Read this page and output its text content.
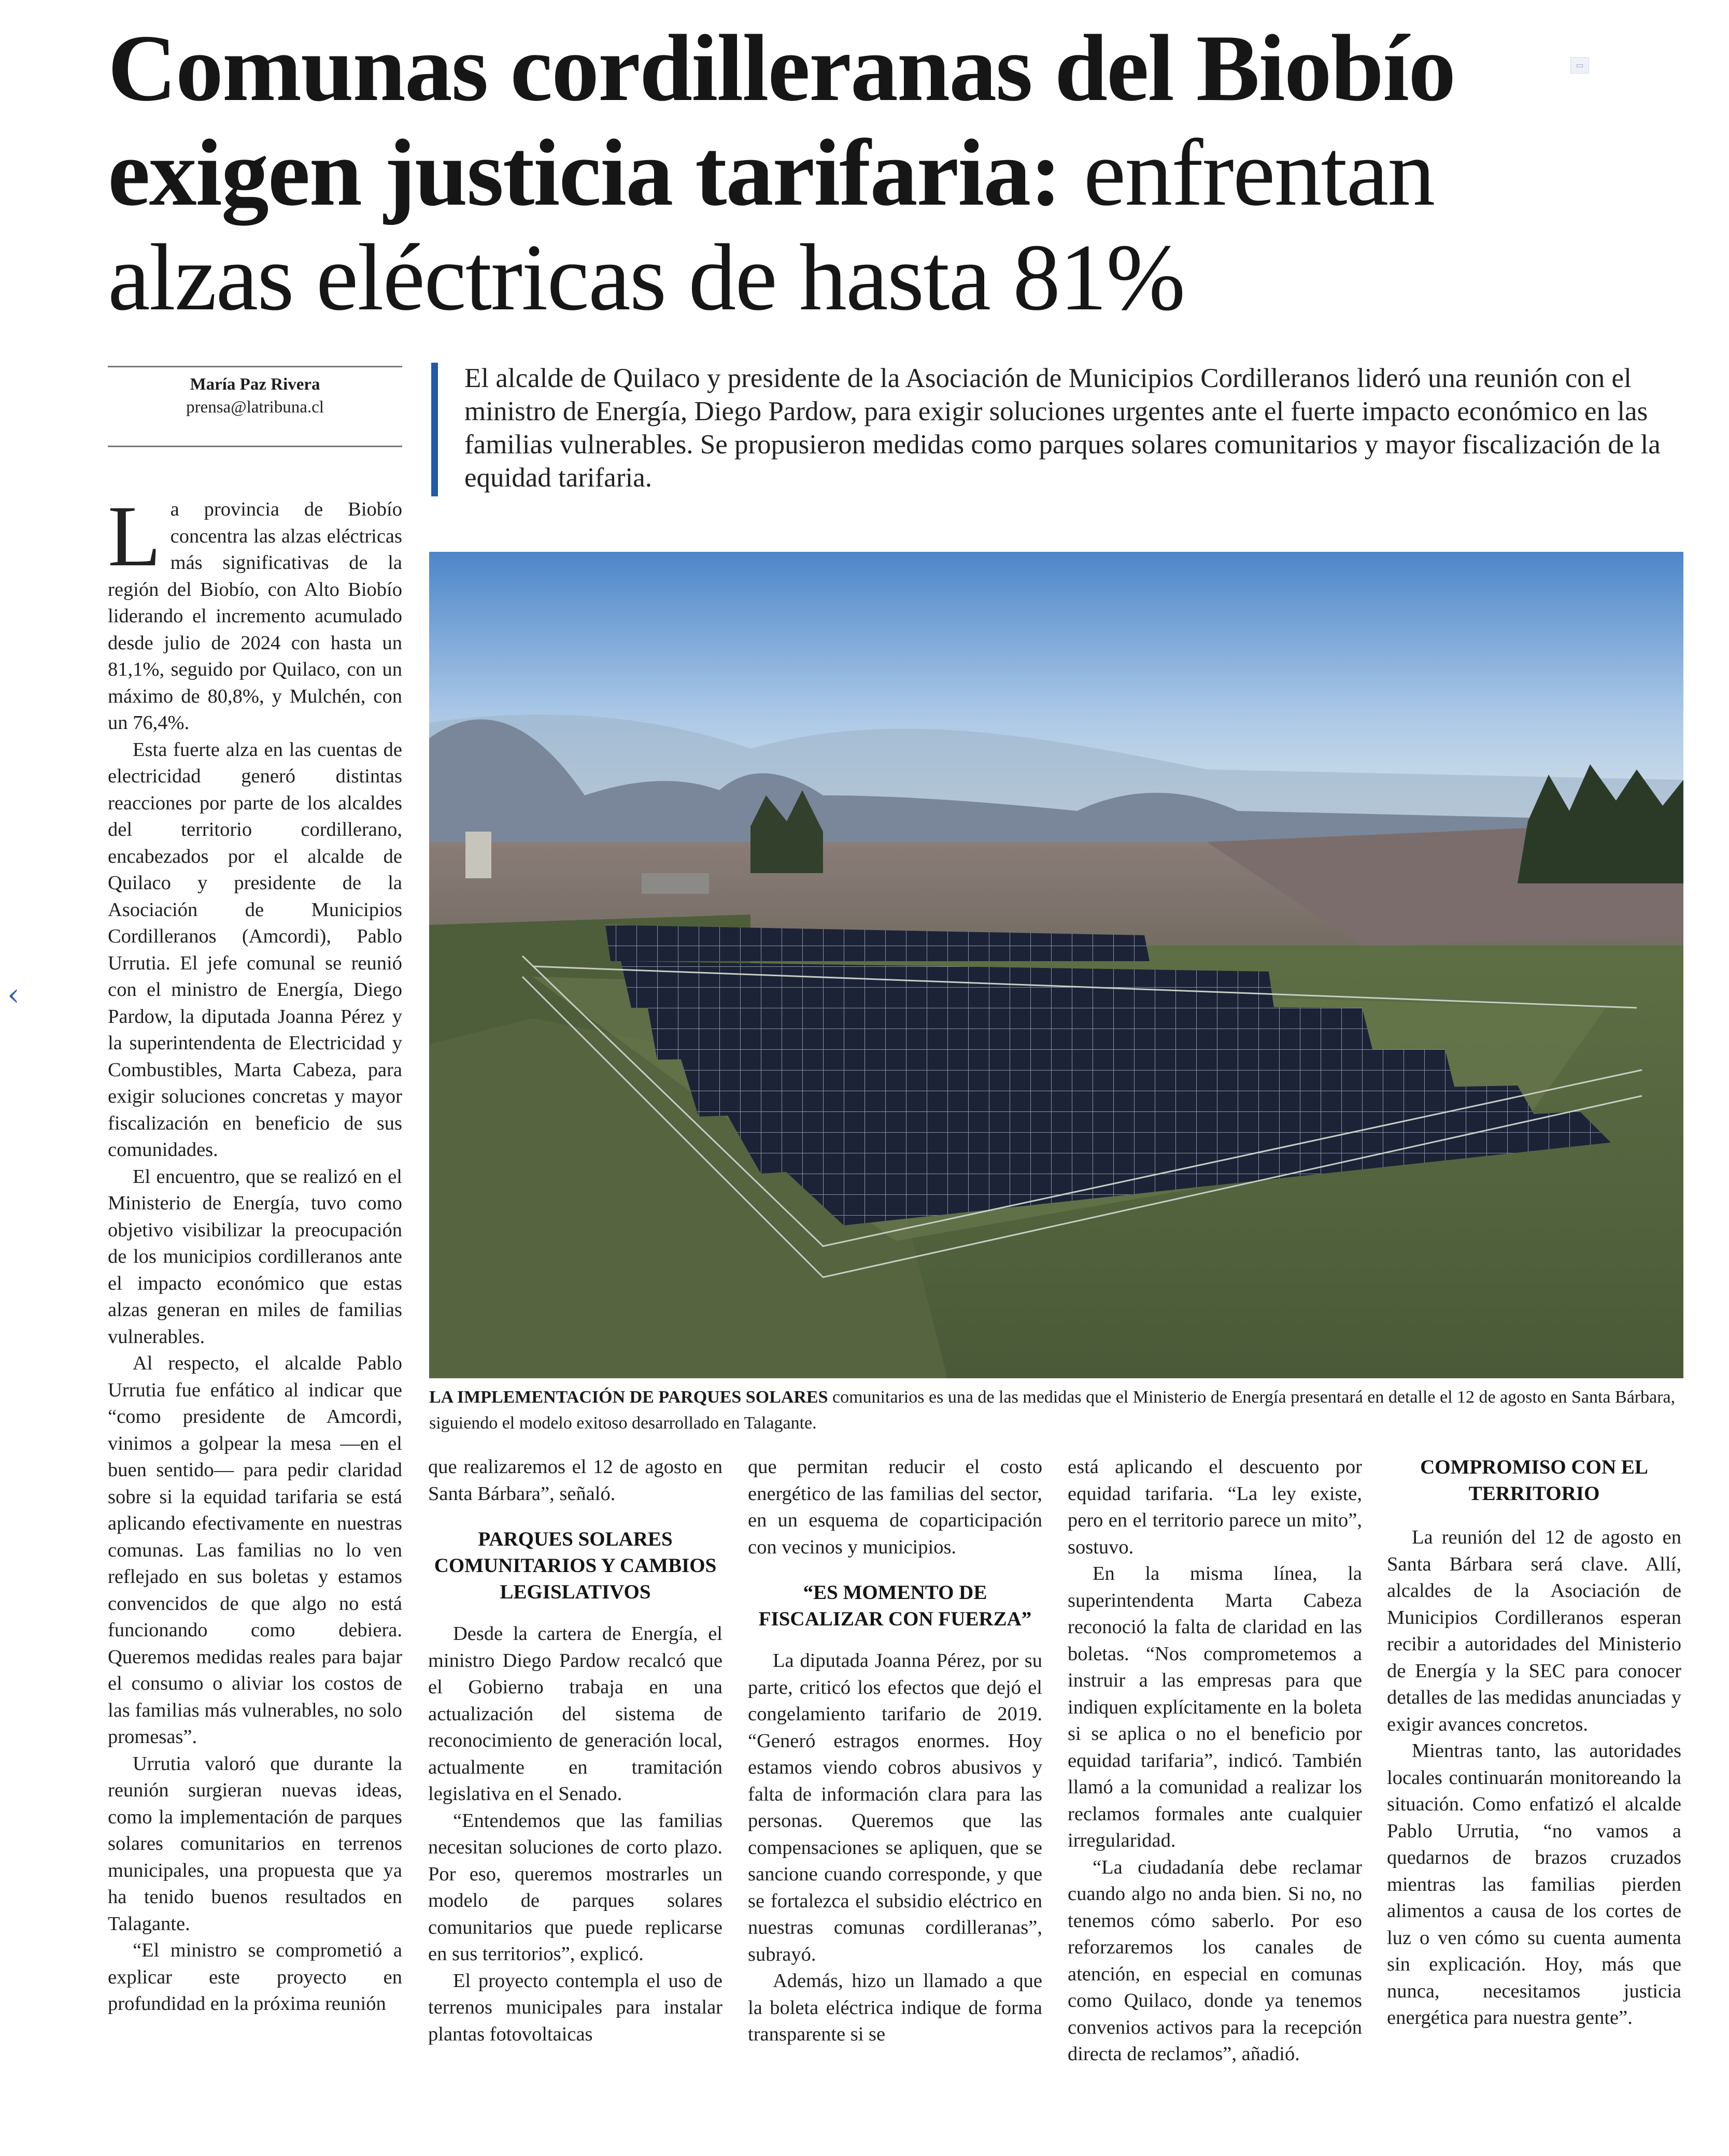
‹
▭
Comunas cordilleranas del Biobío exigen justicia tarifaria: enfrentan alzas eléctricas de hasta 81%
María Paz Rivera
prensa@latribuna.cl
El alcalde de Quilaco y presidente de la Asociación de Municipios Cordilleranos lideró una reunión con el ministro de Energía, Diego Pardow, para exigir soluciones urgentes ante el fuerte impacto económico en las familias vulnerables. Se propusieron medidas como parques solares comunitarios y mayor fiscalización de la equidad tarifaria.
LA IMPLEMENTACIÓN DE PARQUES SOLARES comunitarios es una de las medidas que el Ministerio de Energía presentará en detalle el 12 de agosto en Santa Bárbara, siguiendo el modelo exitoso desarrollado en Talagante.

La provincia de Biobío concentra las alzas eléctricas más significativas de la región del Biobío, con Alto Biobío liderando el incremento acumulado desde julio de 2024 con hasta un 81,1%, seguido por Quilaco, con un máximo de 80,8%, y Mulchén, con un 76,4%.

Esta fuerte alza en las cuentas de electricidad generó distintas reacciones por parte de los alcaldes del territorio cordillerano, encabezados por el alcalde de Quilaco y presidente de la Asociación de Municipios Cordilleranos (Amcordi), Pablo Urrutia. El jefe comunal se reunió con el ministro de Energía, Diego Pardow, la diputada Joanna Pérez y la superintendenta de Electricidad y Combustibles, Marta Cabeza, para exigir soluciones concretas y mayor fiscalización en beneficio de sus comunidades.

El encuentro, que se realizó en el Ministerio de Energía, tuvo como objetivo visibilizar la preocupación de los municipios cordilleranos ante el impacto económico que estas alzas generan en miles de familias vulnerables.

Al respecto, el alcalde Pablo Urrutia fue enfático al indicar que “como presidente de Amcordi, vinimos a golpear la mesa —en el buen sentido— para pedir claridad sobre si la equidad tarifaria se está aplicando efectivamente en nuestras comunas. Las familias no lo ven reflejado en sus boletas y estamos convencidos de que algo no está funcionando como debiera. Queremos medidas reales para bajar el consumo o aliviar los costos de las familias más vulnerables, no solo promesas”.

Urrutia valoró que durante la reunión surgieran nuevas ideas, como la implementación de parques solares comunitarios en terrenos municipales, una propuesta que ya ha tenido buenos resultados en Talagante.

“El ministro se comprometió a explicar este proyecto en profundidad en la próxima reunión

que realizaremos el 12 de agosto en Santa Bárbara”, señaló.

PARQUES SOLARES COMUNITARIOS Y CAMBIOS LEGISLATIVOS

Desde la cartera de Energía, el ministro Diego Pardow recalcó que el Gobierno trabaja en una actualización del sistema de reconocimiento de generación local, actualmente en tramitación legislativa en el Senado.

“Entendemos que las familias necesitan soluciones de corto plazo. Por eso, queremos mostrarles un modelo de parques solares comunitarios que puede replicarse en sus territorios”, explicó.

El proyecto contempla el uso de terrenos municipales para instalar plantas fotovoltaicas

que permitan reducir el costo energético de las familias del sector, en un esquema de coparticipación con vecinos y municipios.

“ES MOMENTO DE FISCALIZAR CON FUERZA”

La diputada Joanna Pérez, por su parte, criticó los efectos que dejó el congelamiento tarifario de 2019. “Generó estragos enormes. Hoy estamos viendo cobros abusivos y falta de información clara para las personas. Queremos que las compensaciones se apliquen, que se sancione cuando corresponde, y que se fortalezca el subsidio eléctrico en nuestras comunas cordilleranas”, subrayó.

Además, hizo un llamado a que la boleta eléctrica indique de forma transparente si se

está aplicando el descuento por equidad tarifaria. “La ley existe, pero en el territorio parece un mito”, sostuvo.

En la misma línea, la superintendenta Marta Cabeza reconoció la falta de claridad en las boletas. “Nos comprometemos a instruir a las empresas para que indiquen explícitamente en la boleta si se aplica o no el beneficio por equidad tarifaria”, indicó. También llamó a la comunidad a realizar los reclamos formales ante cualquier irregularidad.

“La ciudadanía debe reclamar cuando algo no anda bien. Si no, no tenemos cómo saberlo. Por eso reforzaremos los canales de atención, en especial en comunas como Quilaco, donde ya tenemos convenios activos para la recepción directa de reclamos”, añadió.

COMPROMISO CON EL TERRITORIO

La reunión del 12 de agosto en Santa Bárbara será clave. Allí, alcaldes de la Asociación de Municipios Cordilleranos esperan recibir a autoridades del Ministerio de Energía y la SEC para conocer detalles de las medidas anunciadas y exigir avances concretos.

Mientras tanto, las autoridades locales continuarán monitoreando la situación. Como enfatizó el alcalde Pablo Urrutia, “no vamos a quedarnos de brazos cruzados mientras las familias pierden alimentos a causa de los cortes de luz o ven cómo su cuenta aumenta sin explicación. Hoy, más que nunca, necesitamos justicia energética para nuestra gente”.
